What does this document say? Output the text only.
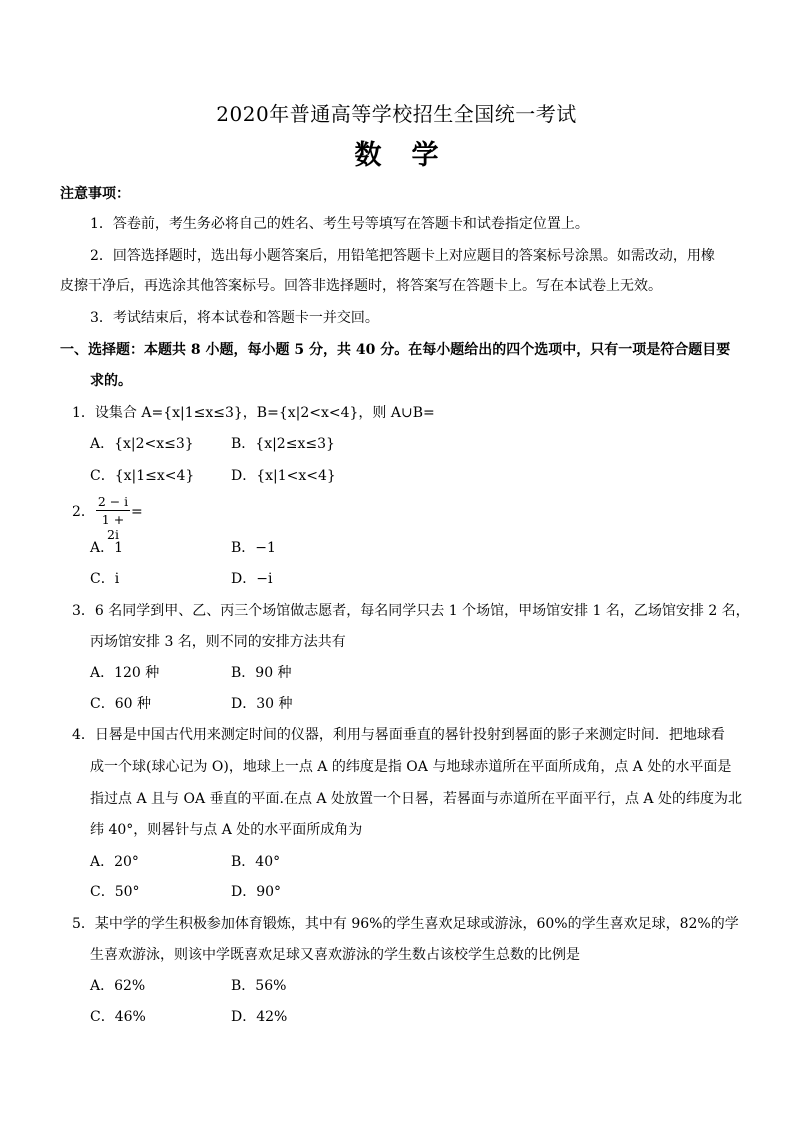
2020年普通高等学校招生全国统一考试
数学
注意事项：
1．答卷前，考生务必将自己的姓名、考生号等填写在答题卡和试卷指定位置上。
2．回答选择题时，选出每小题答案后，用铅笔把答题卡上对应题目的答案标号涂黑。如需改动，用橡
皮擦干净后，再选涂其他答案标号。回答非选择题时，将答案写在答题卡上。写在本试卷上无效。
3．考试结束后，将本试卷和答题卡一并交回。
一、选择题：本题共 8 小题，每小题 5 分，共 40 分。在每小题给出的四个选项中，只有一项是符合题目要
求的。
1．设集合 A={x|1≤x≤3}，B={x|2<x<4}，则 A∪B=
A．{x|2<x≤3}	B．{x|2≤x≤3}
C．{x|1≤x<4}	D．{x|1<x<4}
2． $\frac{2 - i}{1 + 2i}$ =
A．1	B．−1
C．i	D．−i
3．6 名同学到甲、乙、丙三个场馆做志愿者，每名同学只去 1 个场馆，甲场馆安排 1 名，乙场馆安排 2 名，
丙场馆安排 3 名，则不同的安排方法共有
A．120 种	B．90 种
C．60 种	D．30 种
4．日晷是中国古代用来测定时间的仪器，利用与晷面垂直的晷针投射到晷面的影子来测定时间．把地球看
成一个球(球心记为 O)，地球上一点 A 的纬度是指 OA 与地球赤道所在平面所成角，点 A 处的水平面是
指过点 A 且与 OA 垂直的平面.在点 A 处放置一个日晷，若晷面与赤道所在平面平行，点 A 处的纬度为北
纬 40°，则晷针与点 A 处的水平面所成角为
A．20°	B．40°
C．50°	D．90°
5．某中学的学生积极参加体育锻炼，其中有 96%的学生喜欢足球或游泳，60%的学生喜欢足球，82%的学
生喜欢游泳，则该中学既喜欢足球又喜欢游泳的学生数占该校学生总数的比例是
A．62%	B．56%
C．46%	D．42%
